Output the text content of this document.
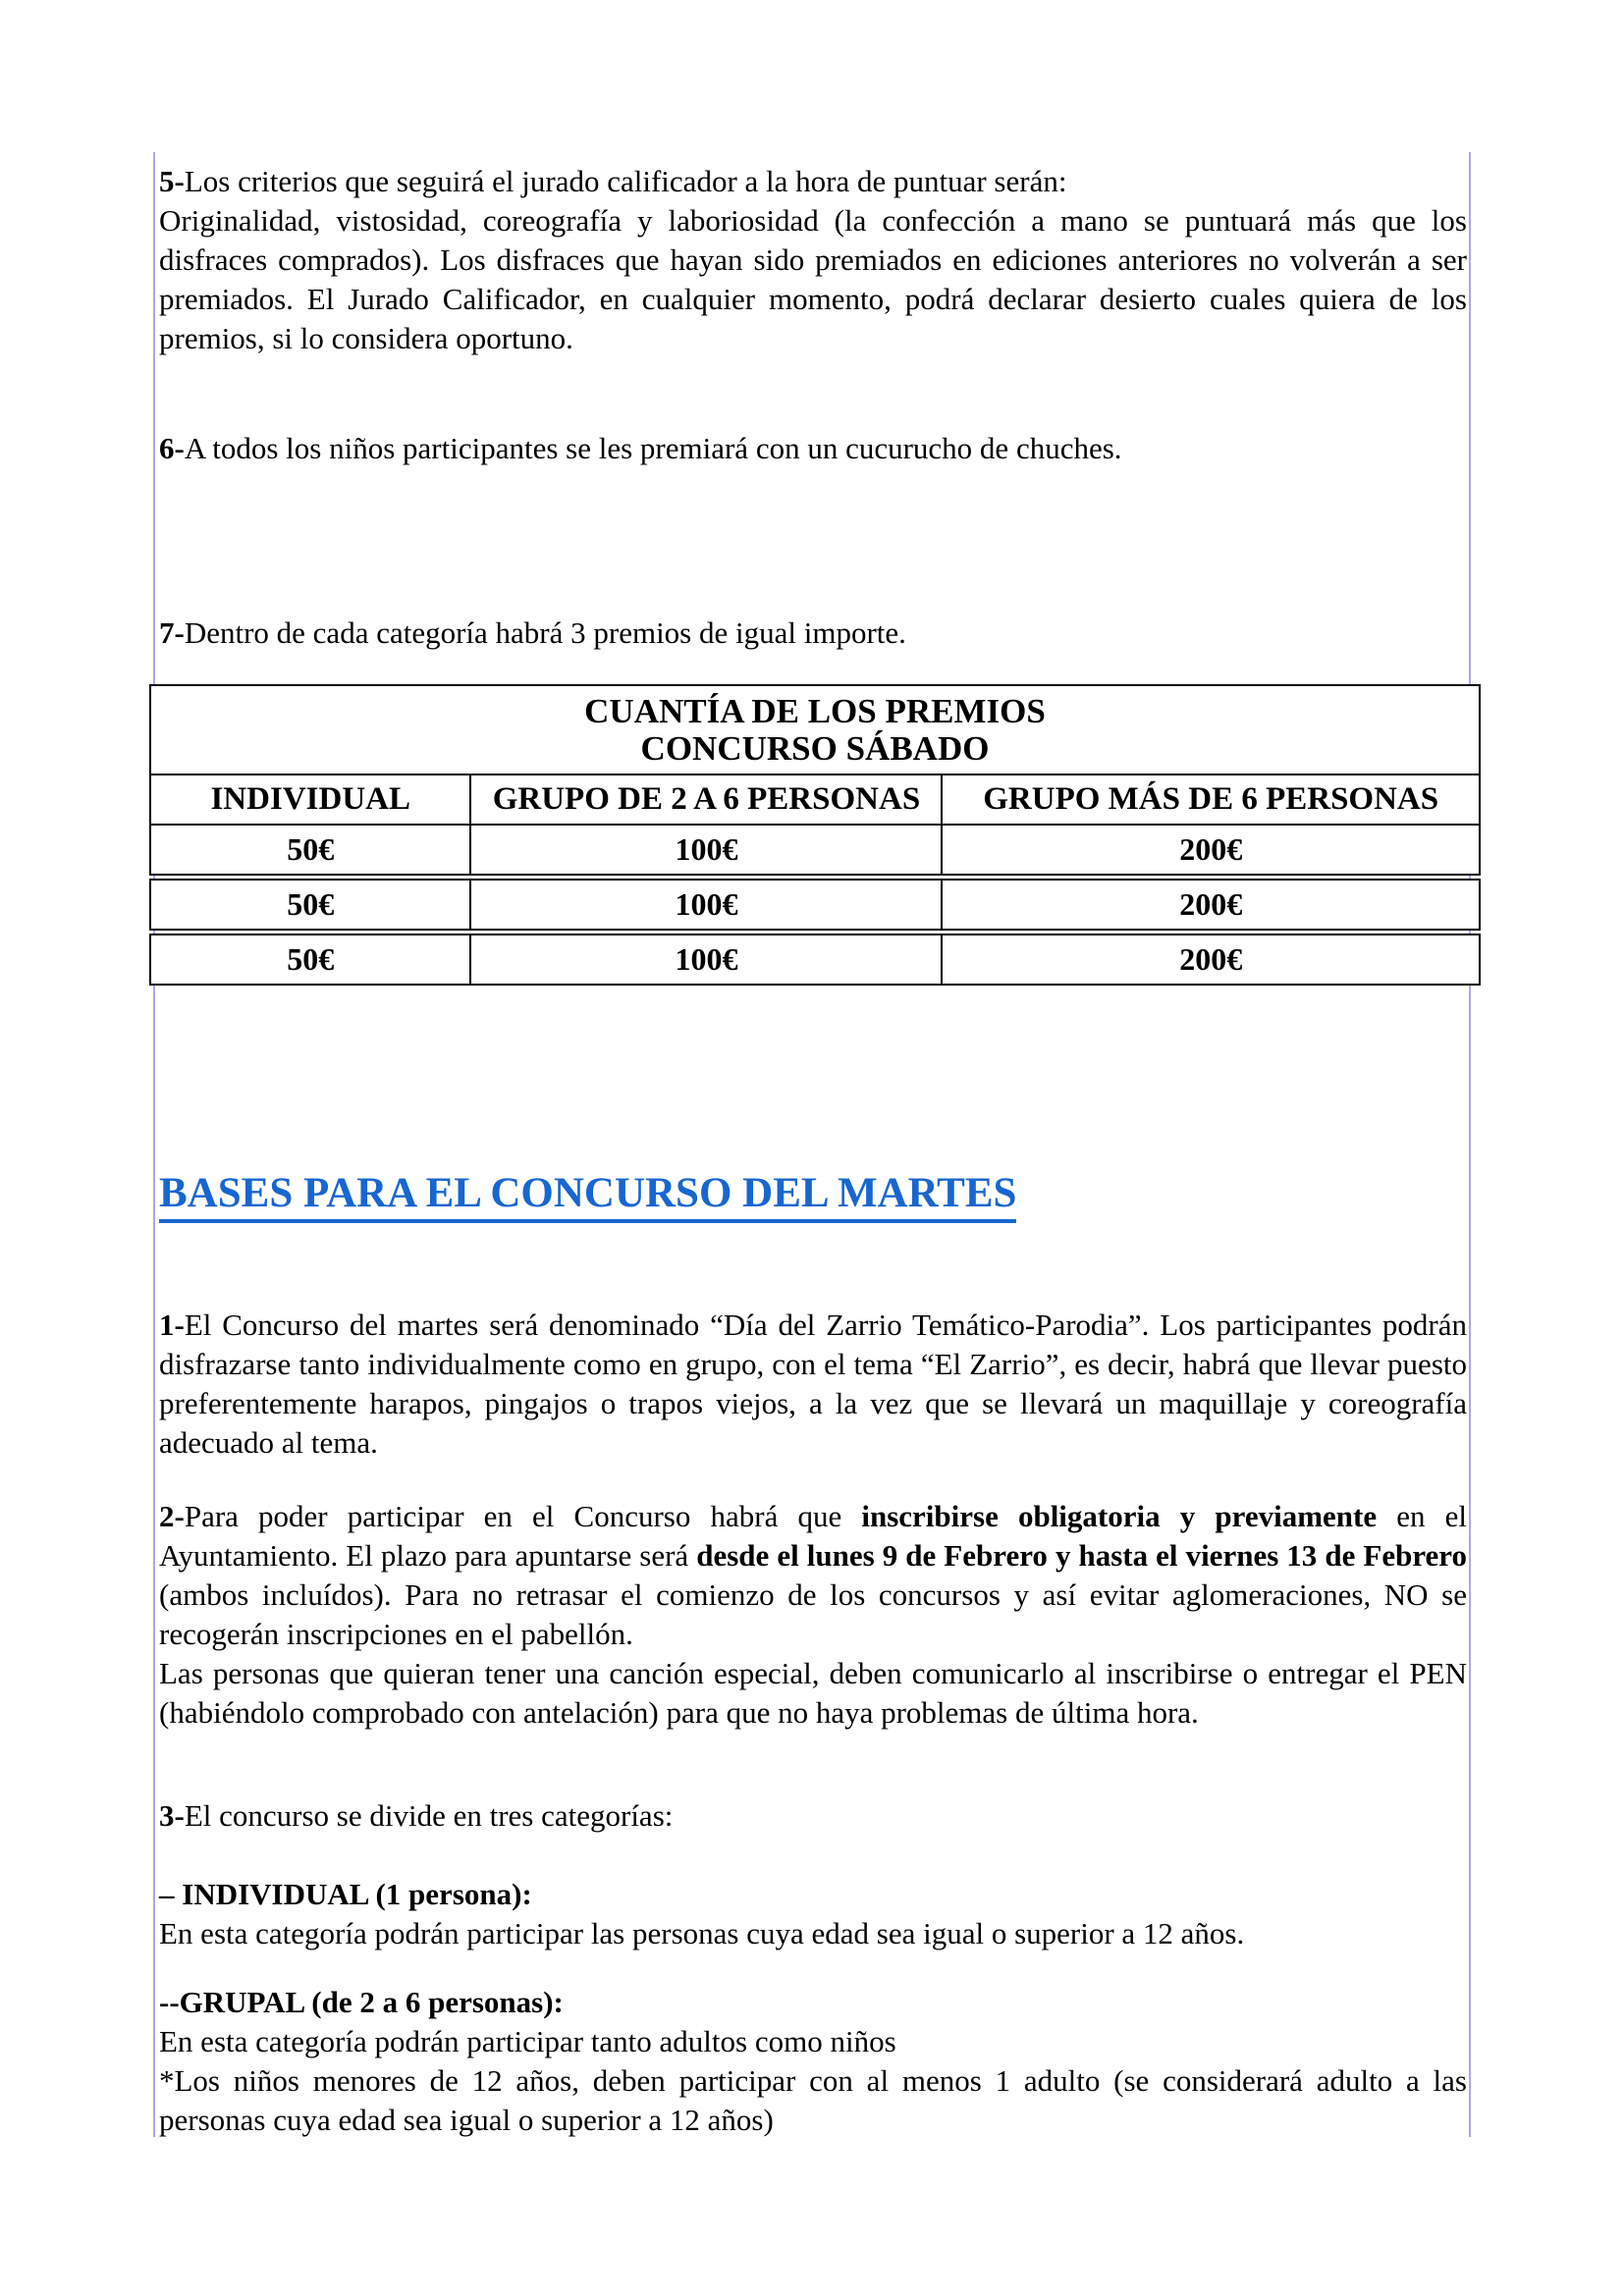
5-Los criterios que seguirá el jurado calificador a la hora de puntuar serán:
Originalidad, vistosidad, coreografía y laboriosidad (la confección a mano se puntuará más que los disfraces comprados). Los disfraces que hayan sido premiados en ediciones anteriores no volverán a ser premiados. El Jurado Calificador, en cualquier momento, podrá declarar desierto cuales quiera de los premios, si lo considera oportuno.
6-A todos los niños participantes se les premiará con un cucurucho de chuches.
7-Dentro de cada categoría habrá 3 premios de igual importe.
BASES PARA EL CONCURSO DEL MARTES
1-El Concurso del martes será denominado “Día del Zarrio Temático-Parodia”. Los participantes podrán disfrazarse tanto individualmente como en grupo, con el tema “El Zarrio”, es decir, habrá que llevar puesto preferentemente harapos, pingajos o trapos viejos, a la vez que se llevará un maquillaje y coreografía adecuado al tema.
2-Para poder participar en el Concurso habrá que inscribirse obligatoria y previamente en el Ayuntamiento. El plazo para apuntarse será desde el lunes 9 de Febrero y hasta el viernes 13 de Febrero (ambos incluídos). Para no retrasar el comienzo de los concursos y así evitar aglomeraciones, NO se recogerán inscripciones en el pabellón.
Las personas que quieran tener una canción especial, deben comunicarlo al inscribirse o entregar el PEN (habiéndolo comprobado con antelación) para que no haya problemas de última hora.
3-El concurso se divide en tres categorías:
– INDIVIDUAL (1 persona):
En esta categoría podrán participar las personas cuya edad sea igual o superior a 12 años.
--GRUPAL (de 2 a 6 personas):
En esta categoría podrán participar tanto adultos como niños
*Los niños menores de 12 años, deben participar con al menos 1 adulto (se considerará adulto a las personas cuya edad sea igual o superior a 12 años)
CUANTÍA DE LOS PREMIOS
CONCURSO SÁBADO
INDIVIDUAL	GRUPO DE 2 A 6 PERSONAS	GRUPO MÁS DE 6 PERSONAS
50€	100€	200€
50€	100€	200€
50€	100€	200€
